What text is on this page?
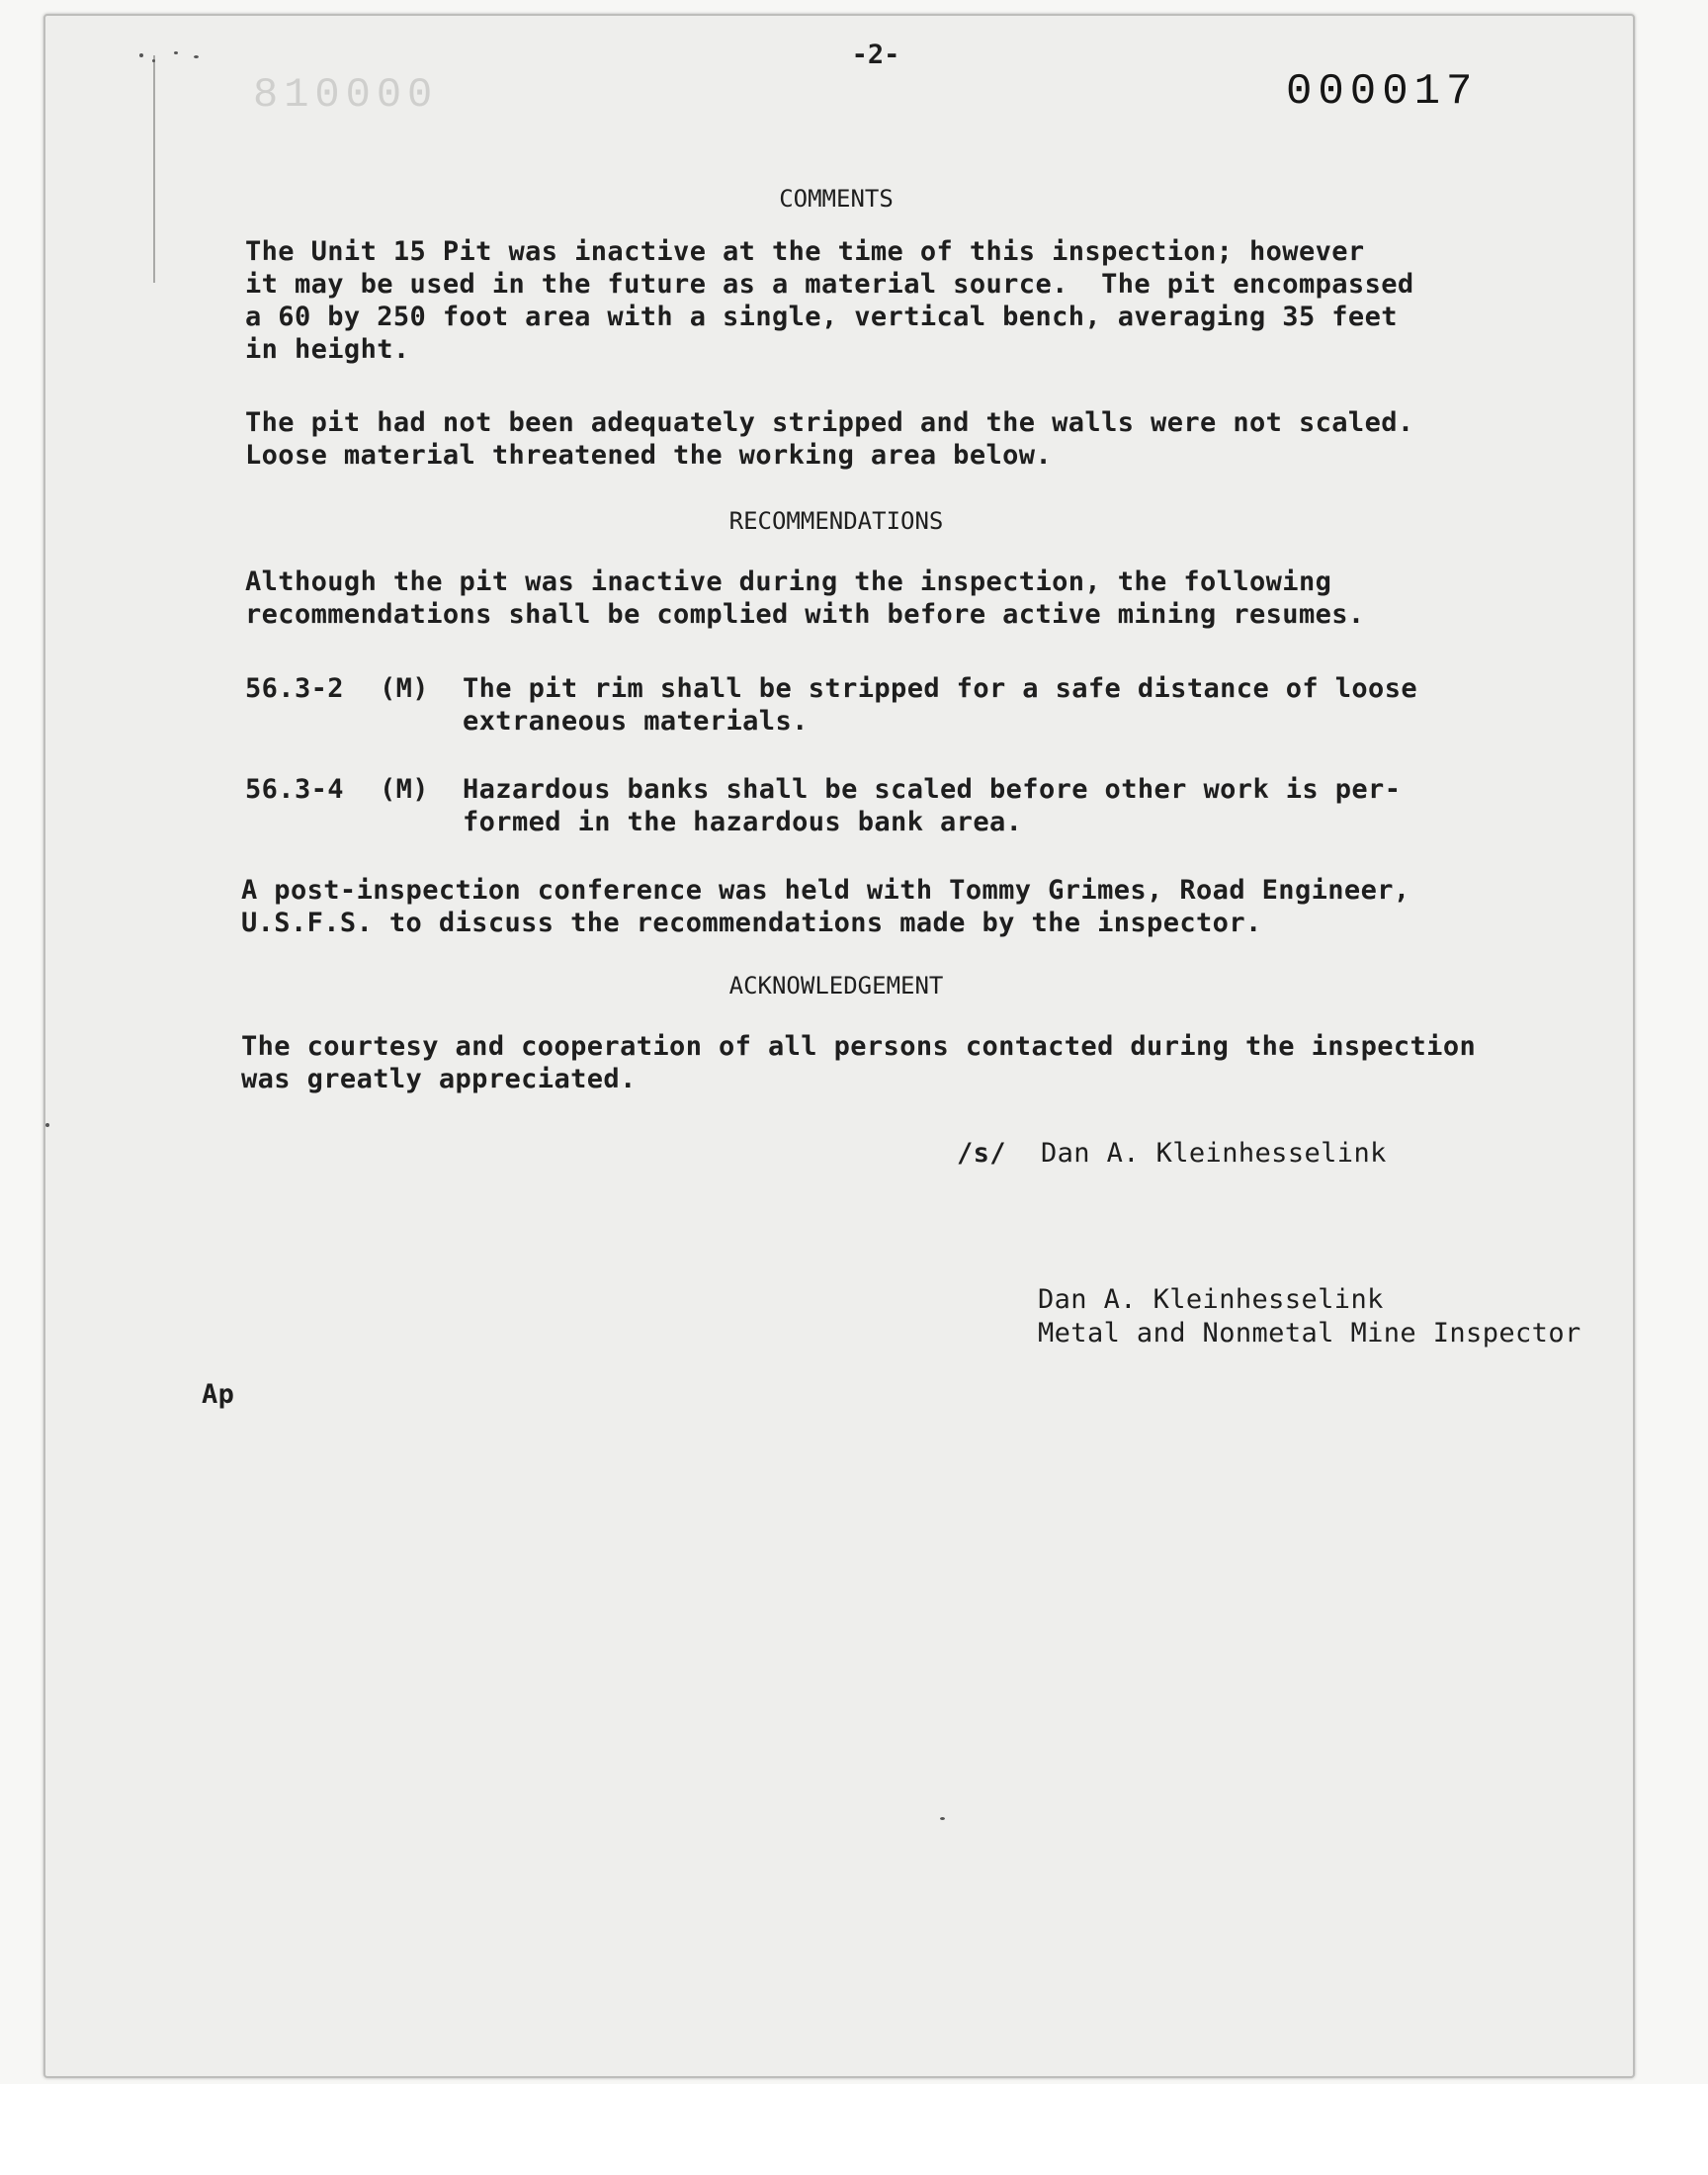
-2-
810000	000017
COMMENTS
The Unit 15 Pit was inactive at the time of this inspection; however
it may be used in the future as a material source.  The pit encompassed
a 60 by 250 foot area with a single, vertical bench, averaging 35 feet
in height.
The pit had not been adequately stripped and the walls were not scaled.
Loose material threatened the working area below.
RECOMMENDATIONS
Although the pit was inactive during the inspection, the following
recommendations shall be complied with before active mining resumes.
56.3-2 (M) The pit rim shall be stripped for a safe distance of loose
extraneous materials.
56.3-4 (M) Hazardous banks shall be scaled before other work is per-
formed in the hazardous bank area.
A post-inspection conference was held with Tommy Grimes, Road Engineer,
U.S.F.S. to discuss the recommendations made by the inspector.
ACKNOWLEDGEMENT
The courtesy and cooperation of all persons contacted during the inspection
was greatly appreciated.
/s/ Dan A. Kleinhesselink
Dan A. Kleinhesselink
Metal and Nonmetal Mine Inspector
Ap
